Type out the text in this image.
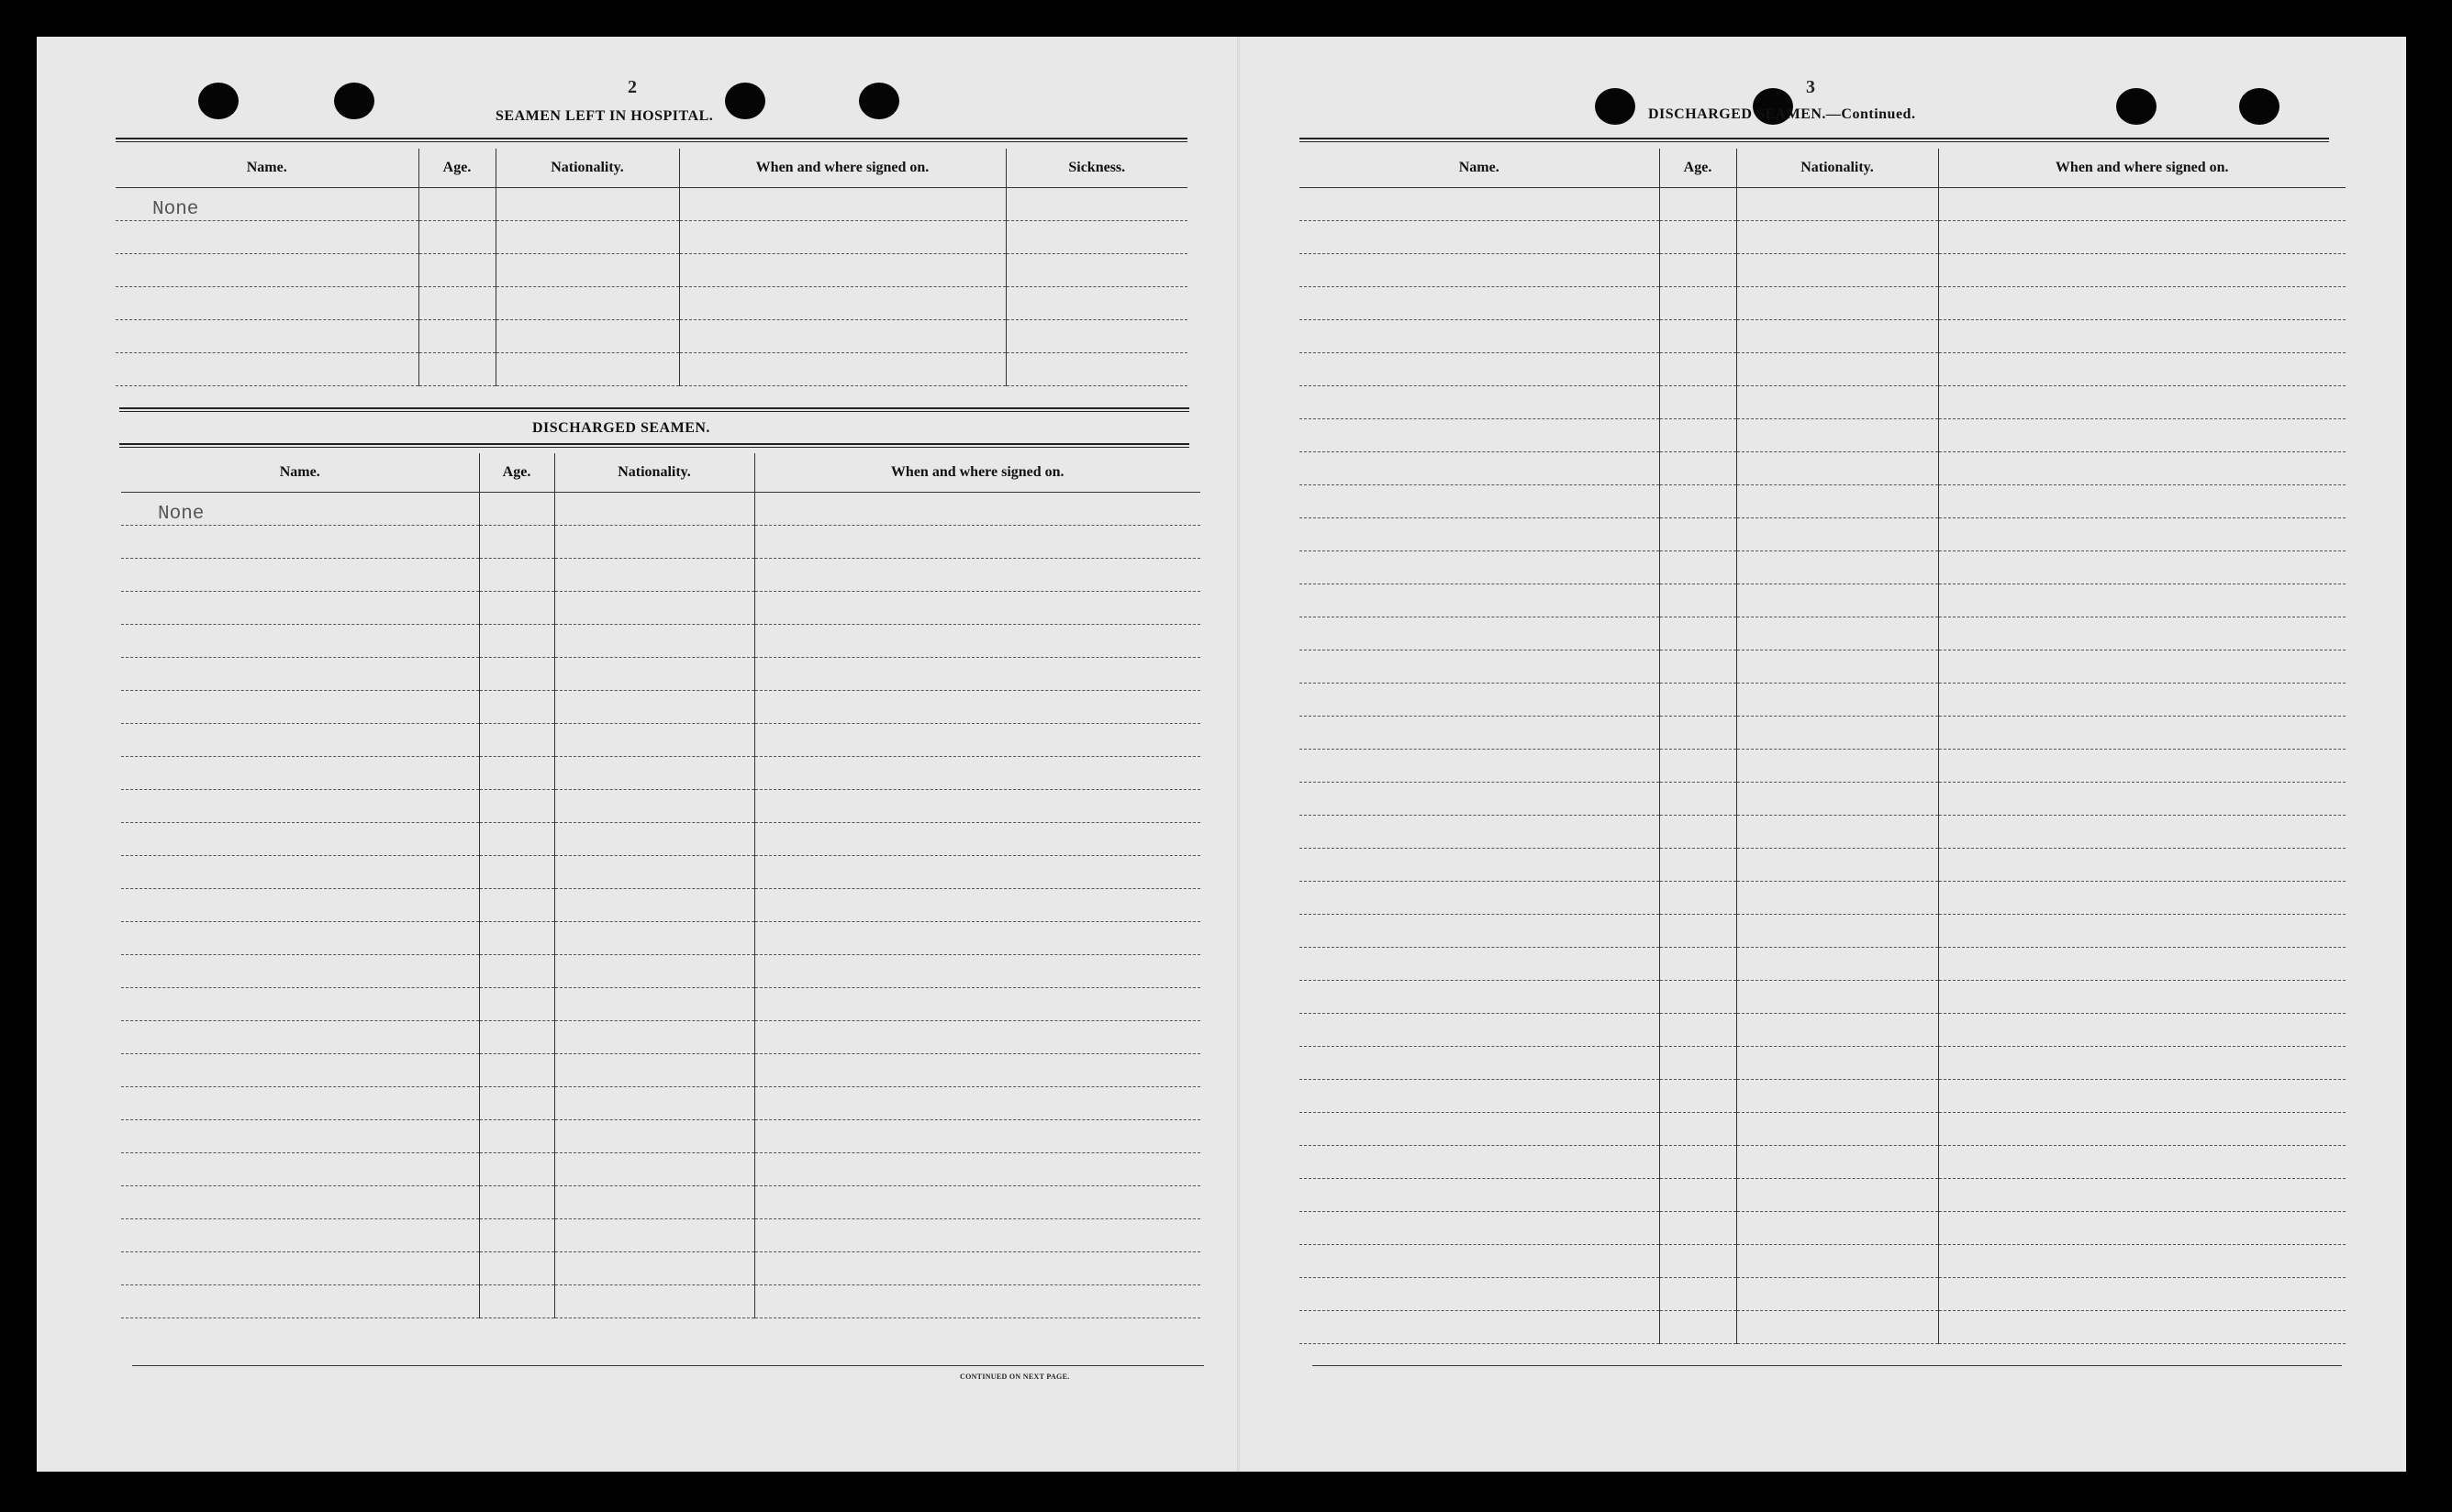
2
SEAMEN LEFT IN HOSPITAL.
Name.	Age.	Nationality.	When and where signed on.	Sickness.
None				

DISCHARGED SEAMEN.
Name.	Age.	Nationality.	When and where signed on.
None			

CONTINUED ON NEXT PAGE.
3
DISCHARGED SEAMEN.—Continued.
Name.	Age.	Nationality.	When and where signed on.
